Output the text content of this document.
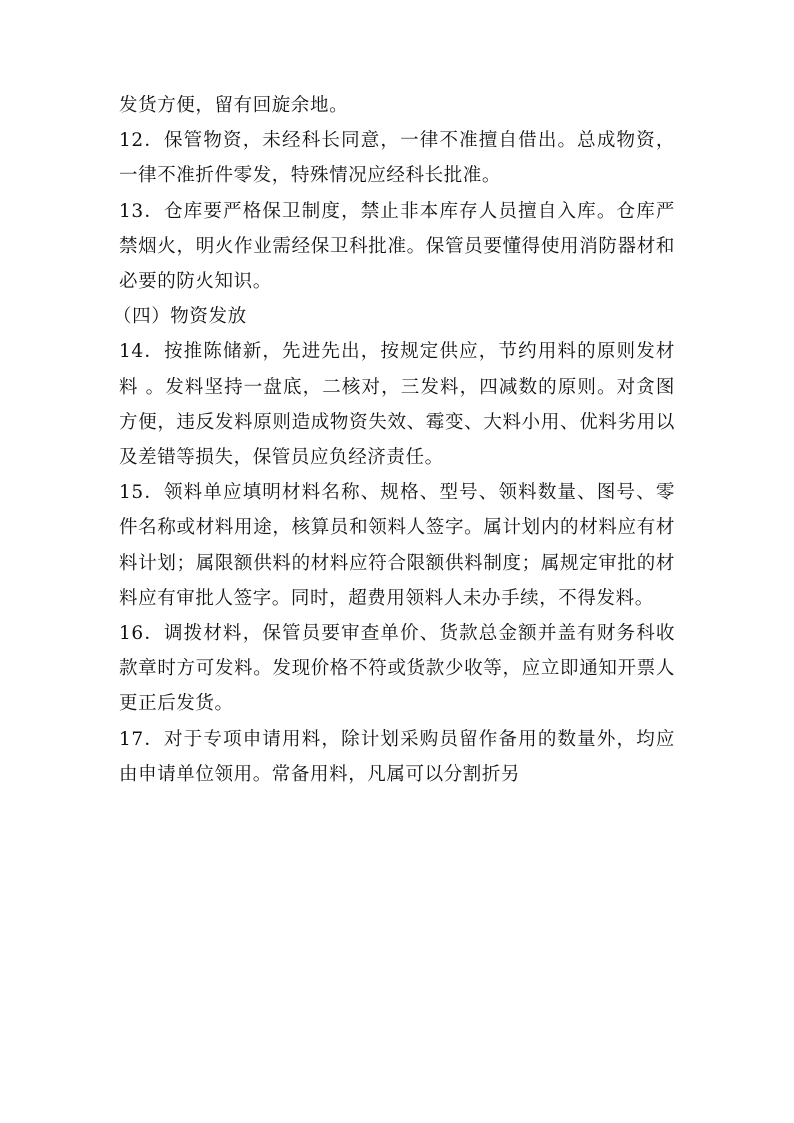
发货方便，留有回旋余地。

12．保管物资，未经科长同意，一律不准擅自借出。总成物资，一律不准折件零发，特殊情况应经科长批准。

13．仓库要严格保卫制度，禁止非本库存人员擅自入库。仓库严禁烟火，明火作业需经保卫科批准。保管员要懂得使用消防器材和必要的防火知识。

（四）物资发放

14．按推陈储新，先进先出，按规定供应，节约用料的原则发材料 。发料坚持一盘底，二核对，三发料，四减数的原则。对贪图方便，违反发料原则造成物资失效、霉变、大料小用、优料劣用以及差错等损失，保管员应负经济责任。

15．领料单应填明材料名称、规格、型号、领料数量、图号、零件名称或材料用途，核算员和领料人签字。属计划内的材料应有材料计划；属限额供料的材料应符合限额供料制度；属规定审批的材料应有审批人签字。同时，超费用领料人未办手续，不得发料。

16．调拨材料，保管员要审查单价、货款总金额并盖有财务科收款章时方可发料。发现价格不符或货款少收等，应立即通知开票人更正后发货。

17．对于专项申请用料，除计划采购员留作备用的数量外，均应由申请单位领用。常备用料，凡属可以分割折另
